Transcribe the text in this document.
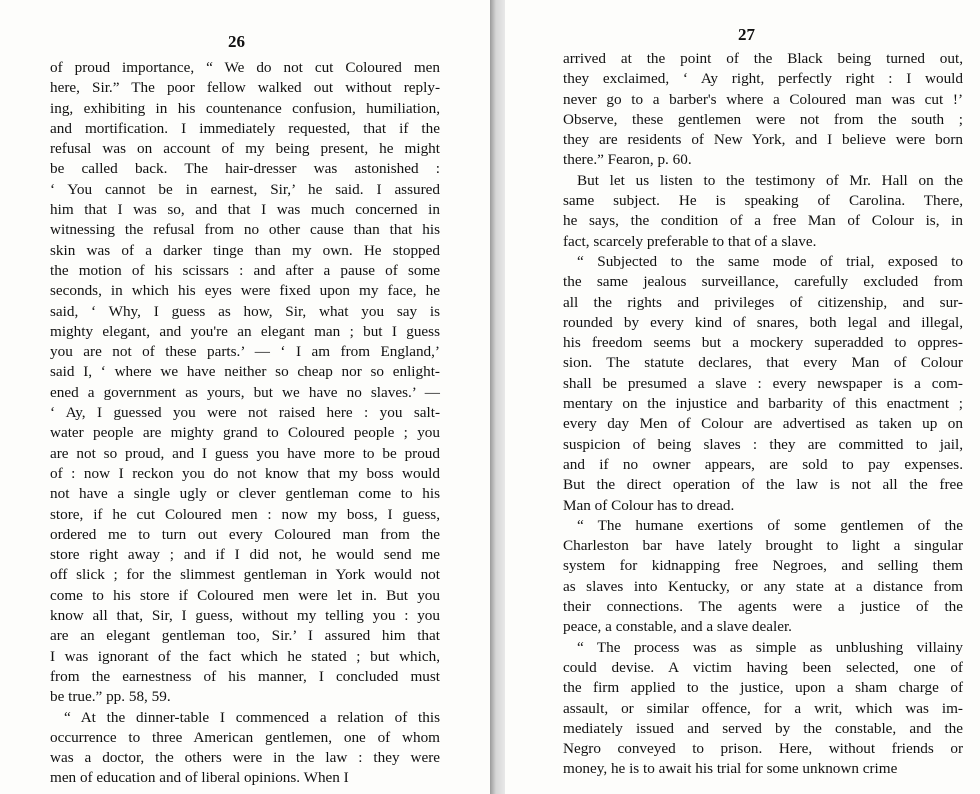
26
of proud importance, “ We do not cut Coloured men
here, Sir.” The poor fellow walked out without reply-
ing, exhibiting in his countenance confusion, humiliation,
and mortification. I immediately requested, that if the
refusal was on account of my being present, he might
be called back. The hair-dresser was astonished :
‘ You cannot be in earnest, Sir,’ he said. I assured
him that I was so, and that I was much concerned in
witnessing the refusal from no other cause than that his
skin was of a darker tinge than my own. He stopped
the motion of his scissars : and after a pause of some
seconds, in which his eyes were fixed upon my face, he
said, ‘ Why, I guess as how, Sir, what you say is
mighty elegant, and you're an elegant man ; but I guess
you are not of these parts.’ — ‘ I am from England,’
said I, ‘ where we have neither so cheap nor so enlight-
ened a government as yours, but we have no slaves.’ —
‘ Ay, I guessed you were not raised here : you salt-
water people are mighty grand to Coloured people ; you
are not so proud, and I guess you have more to be proud
of : now I reckon you do not know that my boss would
not have a single ugly or clever gentleman come to his
store, if he cut Coloured men : now my boss, I guess,
ordered me to turn out every Coloured man from the
store right away ; and if I did not, he would send me
off slick ; for the slimmest gentleman in York would not
come to his store if Coloured men were let in. But you
know all that, Sir, I guess, without my telling you : you
are an elegant gentleman too, Sir.’ I assured him that
I was ignorant of the fact which he stated ; but which,
from the earnestness of his manner, I concluded must
be true.” pp. 58, 59.
“ At the dinner-table I commenced a relation of this
occurrence to three American gentlemen, one of whom
was a doctor, the others were in the law : they were
men of education and of liberal opinions. When I
27
arrived at the point of the Black being turned out,
they exclaimed, ‘ Ay right, perfectly right : I would
never go to a barber's where a Coloured man was cut !’
Observe, these gentlemen were not from the south ;
they are residents of New York, and I believe were born
there.” Fearon, p. 60.
But let us listen to the testimony of Mr. Hall on the
same subject. He is speaking of Carolina. There,
he says, the condition of a free Man of Colour is, in
fact, scarcely preferable to that of a slave.
“ Subjected to the same mode of trial, exposed to
the same jealous surveillance, carefully excluded from
all the rights and privileges of citizenship, and sur-
rounded by every kind of snares, both legal and illegal,
his freedom seems but a mockery superadded to oppres-
sion. The statute declares, that every Man of Colour
shall be presumed a slave : every newspaper is a com-
mentary on the injustice and barbarity of this enactment ;
every day Men of Colour are advertised as taken up on
suspicion of being slaves : they are committed to jail,
and if no owner appears, are sold to pay expenses.
But the direct operation of the law is not all the free
Man of Colour has to dread.
“ The humane exertions of some gentlemen of the
Charleston bar have lately brought to light a singular
system for kidnapping free Negroes, and selling them
as slaves into Kentucky, or any state at a distance from
their connections. The agents were a justice of the
peace, a constable, and a slave dealer.
“ The process was as simple as unblushing villainy
could devise. A victim having been selected, one of
the firm applied to the justice, upon a sham charge of
assault, or similar offence, for a writ, which was im-
mediately issued and served by the constable, and the
Negro conveyed to prison. Here, without friends or
money, he is to await his trial for some unknown crime
